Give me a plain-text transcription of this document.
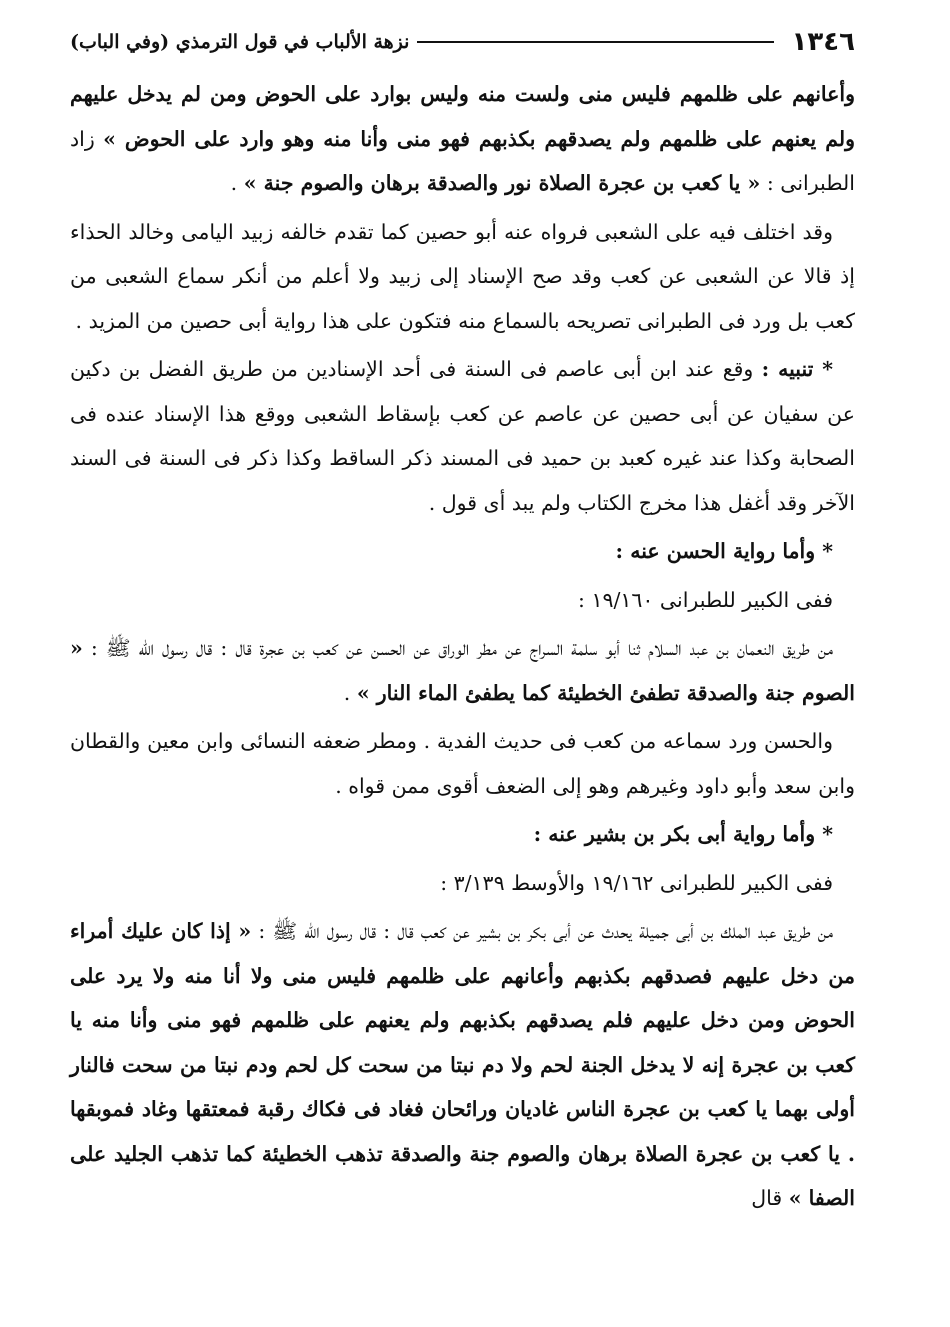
١٣٤٦
نزهة الألباب في قول الترمذي (وفي الباب)

وأعانهم على ظلمهم فليس منى ولست منه وليس بوارد على الحوض ومن لم يدخل عليهم ولم يعنهم على ظلمهم ولم يصدقهم بكذبهم فهو منى وأنا منه وهو وارد على الحوض » زاد الطبرانى : « يا كعب بن عجرة الصلاة نور والصدقة برهان والصوم جنة » .

وقد اختلف فيه على الشعبى فرواه عنه أبو حصين كما تقدم خالفه زبيد اليامى وخالد الحذاء إذ قالا عن الشعبى عن كعب وقد صح الإسناد إلى زبيد ولا أعلم من أنكر سماع الشعبى من كعب بل ورد فى الطبرانى تصريحه بالسماع منه فتكون على هذا رواية أبى حصين من المزيد .

* تنبيه : وقع عند ابن أبى عاصم فى السنة فى أحد الإسنادين من طريق الفضل بن دكين عن سفيان عن أبى حصين عن عاصم عن كعب بإسقاط الشعبى ووقع هذا الإسناد عنده فى الصحابة وكذا عند غيره كعبد بن حميد فى المسند ذكر الساقط وكذا ذكر فى السنة فى السند الآخر وقد أغفل هذا مخرج الكتاب ولم يبد أى قول .

* وأما رواية الحسن عنه :

ففى الكبير للطبرانى ١٩/١٦٠ :

من طريق النعمان بن عبد السلام ثنا أبو سلمة السراج عن مطر الوراق عن الحسن عن كعب بن عجرة قال : قال رسول الله ﷺ : « الصوم جنة والصدقة تطفئ الخطيئة كما يطفئ الماء النار » .

والحسن ورد سماعه من كعب فى حديث الفدية . ومطر ضعفه النسائى وابن معين والقطان وابن سعد وأبو داود وغيرهم وهو إلى الضعف أقوى ممن قواه .

* وأما رواية أبى بكر بن بشير عنه :

ففى الكبير للطبرانى ١٩/١٦٢ والأوسط ٣/١٣٩ :

من طريق عبد الملك بن أبى جميلة يحدث عن أبى بكر بن بشير عن كعب قال : قال رسول الله ﷺ : « إذا كان عليك أمراء من دخل عليهم فصدقهم بكذبهم وأعانهم على ظلمهم فليس منى ولا أنا منه ولا يرد على الحوض ومن دخل عليهم فلم يصدقهم بكذبهم ولم يعنهم على ظلمهم فهو منى وأنا منه يا كعب بن عجرة إنه لا يدخل الجنة لحم ولا دم نبتا من سحت كل لحم ودم نبتا من سحت فالنار أولى بهما يا كعب بن عجرة الناس غاديان ورائحان فغاد فى فكاك رقبة فمعتقها وغاد فموبقها . يا كعب بن عجرة الصلاة برهان والصوم جنة والصدقة تذهب الخطيئة كما تذهب الجليد على الصفا » قال
